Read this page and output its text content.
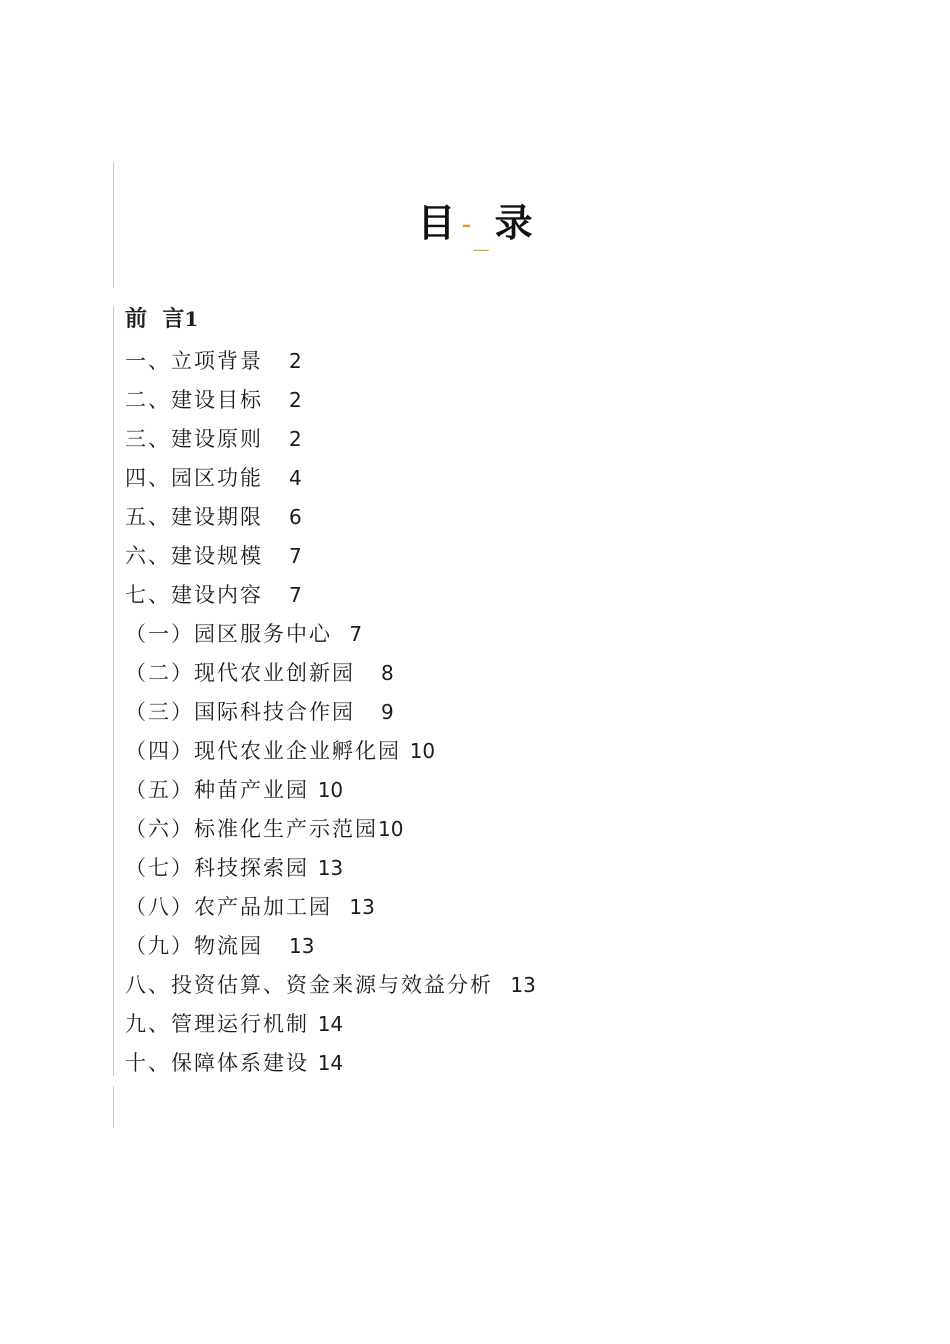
目 -_ 录
前  言1
一、立项背景 2
二、建设目标 2
三、建设原则 2
四、园区功能 4
五、建设期限 6
六、建设规模 7
七、建设内容 7
（一）园区服务中心 7
（二）现代农业创新园 8
（三）国际科技合作园 9
（四）现代农业企业孵化园 10
（五）种苗产业园 10
（六）标准化生产示范园10
（七）科技探索园 13
（八）农产品加工园 13
（九）物流园 13
八、投资估算、资金来源与效益分析 13
九、管理运行机制 14
十、保障体系建设 14
